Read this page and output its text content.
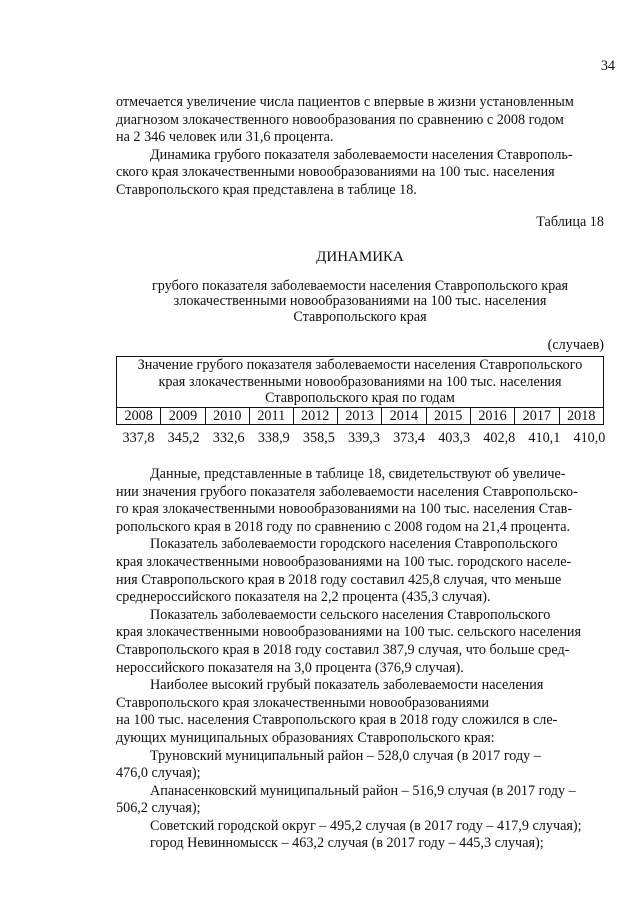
34

отмечается увеличение числа пациентов с впервые в жизни установленным
диагнозом злокачественного новообразования по сравнению с 2008 годом
на 2 346 человек или 31,6 процента.

Динамика грубого показателя заболеваемости населения Ставрополь-
ского края злокачественными новообразованиями на 100 тыс. населения
Ставропольского края представлена в таблице 18.

Таблица 18
ДИНАМИКА
грубого показателя заболеваемости населения Ставропольского края
злокачественными новообразованиями на 100 тыс. населения
Ставропольского края
(случаев)
Значение грубого показателя заболеваемости населения Ставропольского
края злокачественными новообразованиями на 100 тыс. населения
Ставропольского края по годам
2008	2009	2010	2011	2012	2013	2014	2015	2016	2017	2018
337,8 345,2 332,6 338,9 358,5 339,3 373,4 403,3 402,8 410,1 410,0

Данные, представленные в таблице 18, свидетельствуют об увеличе-
нии значения грубого показателя заболеваемости населения Ставропольско-
го края злокачественными новообразованиями на 100 тыс. населения Став-
ропольского края в 2018 году по сравнению с 2008 годом на 21,4 процента.

Показатель заболеваемости городского населения Ставропольского
края злокачественными новообразованиями на 100 тыс. городского населе-
ния Ставропольского края в 2018 году составил 425,8 случая, что меньше
среднероссийского показателя на 2,2 процента (435,3 случая).

Показатель заболеваемости сельского населения Ставропольского
края злокачественными новообразованиями на 100 тыс. сельского населения
Ставропольского края в 2018 году составил 387,9 случая, что больше сред-
нероссийского показателя на 3,0 процента (376,9 случая).

Наиболее высокий грубый показатель заболеваемости населения
Ставропольского края злокачественными новообразованиями
на 100 тыс. населения Ставропольского края в 2018 году сложился в сле-
дующих муниципальных образованиях Ставропольского края:

Труновский муниципальный район – 528,0 случая (в 2017 году –
476,0 случая);

Апанасенковский муниципальный район – 516,9 случая (в 2017 году –
506,2 случая);

Советский городской округ – 495,2 случая (в 2017 году – 417,9 случая);

город Невинномысск – 463,2 случая (в 2017 году – 445,3 случая);
